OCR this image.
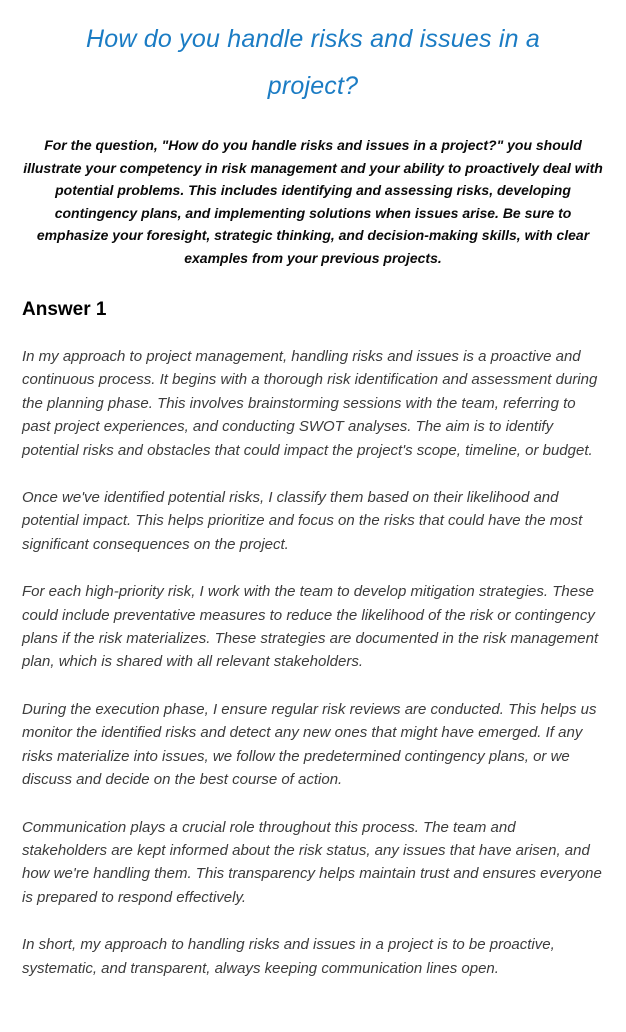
How do you handle risks and issues in a project?

For the question, "How do you handle risks and issues in a project?" you should illustrate your competency in risk management and your ability to proactively deal with potential problems. This includes identifying and assessing risks, developing contingency plans, and implementing solutions when issues arise. Be sure to emphasize your foresight, strategic thinking, and decision-making skills, with clear examples from your previous projects.

Answer 1

In my approach to project management, handling risks and issues is a proactive and continuous process. It begins with a thorough risk identification and assessment during the planning phase. This involves brainstorming sessions with the team, referring to past project experiences, and conducting SWOT analyses. The aim is to identify potential risks and obstacles that could impact the project's scope, timeline, or budget.

Once we've identified potential risks, I classify them based on their likelihood and potential impact. This helps prioritize and focus on the risks that could have the most significant consequences on the project.

For each high-priority risk, I work with the team to develop mitigation strategies. These could include preventative measures to reduce the likelihood of the risk or contingency plans if the risk materializes. These strategies are documented in the risk management plan, which is shared with all relevant stakeholders.

During the execution phase, I ensure regular risk reviews are conducted. This helps us monitor the identified risks and detect any new ones that might have emerged. If any risks materialize into issues, we follow the predetermined contingency plans, or we discuss and decide on the best course of action.

Communication plays a crucial role throughout this process. The team and stakeholders are kept informed about the risk status, any issues that have arisen, and how we're handling them. This transparency helps maintain trust and ensures everyone is prepared to respond effectively.

In short, my approach to handling risks and issues in a project is to be proactive, systematic, and transparent, always keeping communication lines open.
